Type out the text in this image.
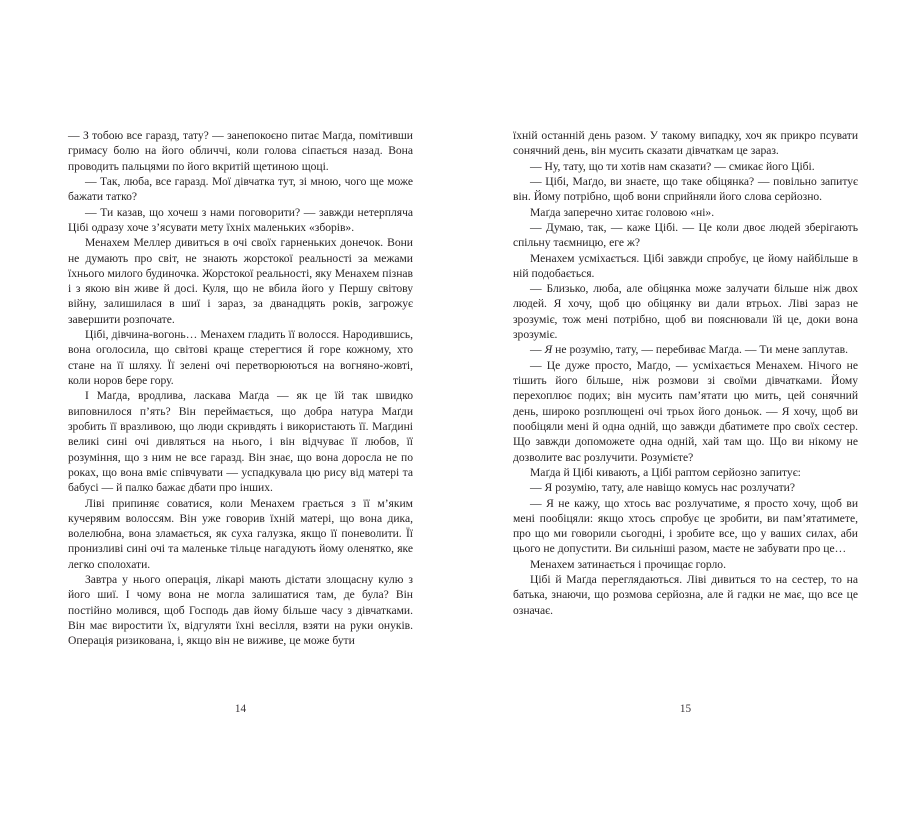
— З тобою все гаразд, тату? — занепокоєно питає Маґда, помітивши гримасу болю на його обличчі, коли голова сіпається назад. Вона проводить пальцями по його вкритій щетиною щоці.

— Так, люба, все гаразд. Мої дівчатка тут, зі мною, чого ще може бажати татко?

— Ти казав, що хочеш з нами поговорити? — завжди нетерпляча Цібі одразу хоче з’ясувати мету їхніх маленьких «зборів».

Менахем Меллер дивиться в очі своїх гарненьких донечок. Вони не думають про світ, не знають жорстокої реальності за межами їхнього милого будиночка. Жорстокої реальності, яку Менахем пізнав і з якою він живе й досі. Куля, що не вбила його у Першу світову війну, залишилася в шиї і зараз, за дванадцять років, загрожує завершити розпочате.

Цібі, дівчина-вогонь… Менахем гладить її волосся. Народившись, вона оголосила, що світові краще стерегтися й горе кожному, хто стане на її шляху. Її зелені очі перетворюються на вогняно-жовті, коли норов бере гору.

І Маґда, вродлива, ласкава Маґда — як це їй так швидко виповнилося п’ять? Він переймається, що добра натура Маґди зробить її вразливою, що люди скривдять і використають її. Маґдині великі сині очі дивляться на нього, і він відчуває її любов, її розуміння, що з ним не все гаразд. Він знає, що вона доросла не по роках, що вона вміє співчувати — успадкувала цю рису від матері та бабусі — й палко бажає дбати про інших.

Ліві припиняє соватися, коли Менахем грається з її м’яким кучерявим волоссям. Він уже говорив їхній матері, що вона дика, волелюбна, вона зламається, як суха галузка, якщо її поневолити. Її пронизливі сині очі та маленьке тільце нагадують йому оленятко, яке легко сполохати.

Завтра у нього операція, лікарі мають дістати злощасну кулю з його шиї. І чому вона не могла залишатися там, де була? Він постійно молився, щоб Господь дав йому більше часу з дівчатками. Він має виростити їх, відгуляти їхні весілля, взяти на руки онуків. Операція ризикована, і, якщо він не виживе, це може бути

14

їхній останній день разом. У такому випадку, хоч як прикро псувати сонячний день, він мусить сказати дівчаткам це зараз.

— Ну, тату, що ти хотів нам сказати? — смикає його Цібі.

— Цібі, Маґдо, ви знаєте, що таке обіцянка? — повільно запитує він. Йому потрібно, щоб вони сприйняли його слова серйозно.

Маґда заперечно хитає головою «ні».

— Думаю, так, — каже Цібі. — Це коли двоє людей зберігають спільну таємницю, еге ж?

Менахем усміхається. Цібі завжди спробує, це йому найбільше в ній подобається.

— Близько, люба, але обіцянка може залучати більше ніж двох людей. Я хочу, щоб цю обіцянку ви дали втрьох. Ліві зараз не зрозуміє, тож мені потрібно, щоб ви пояснювали їй це, доки вона зрозуміє.

— Я не розумію, тату, — перебиває Маґда. — Ти мене заплутав.

— Це дуже просто, Маґдо, — усміхається Менахем. Нічого не тішить його більше, ніж розмови зі своїми дівчатками. Йому перехоплює подих; він мусить пам’ятати цю мить, цей сонячний день, широко розплющені очі трьох його доньок. — Я хочу, щоб ви пообіцяли мені й одна одній, що завжди дбатимете про своїх сестер. Що завжди допоможете одна одній, хай там що. Що ви нікому не дозволите вас розлучити. Розумієте?

Маґда й Цібі кивають, а Цібі раптом серйозно запитує:

— Я розумію, тату, але навіщо комусь нас розлучати?

— Я не кажу, що хтось вас розлучатиме, я просто хочу, щоб ви мені пообіцяли: якщо хтось спробує це зробити, ви пам’ятатимете, про що ми говорили сьогодні, і зробите все, що у ваших силах, аби цього не допустити. Ви сильніші разом, маєте не забувати про це…

Менахем затинається і прочищає горло.

Цібі й Маґда переглядаються. Ліві дивиться то на сестер, то на батька, знаючи, що розмова серйозна, але й гадки не має, що все це означає.

15
